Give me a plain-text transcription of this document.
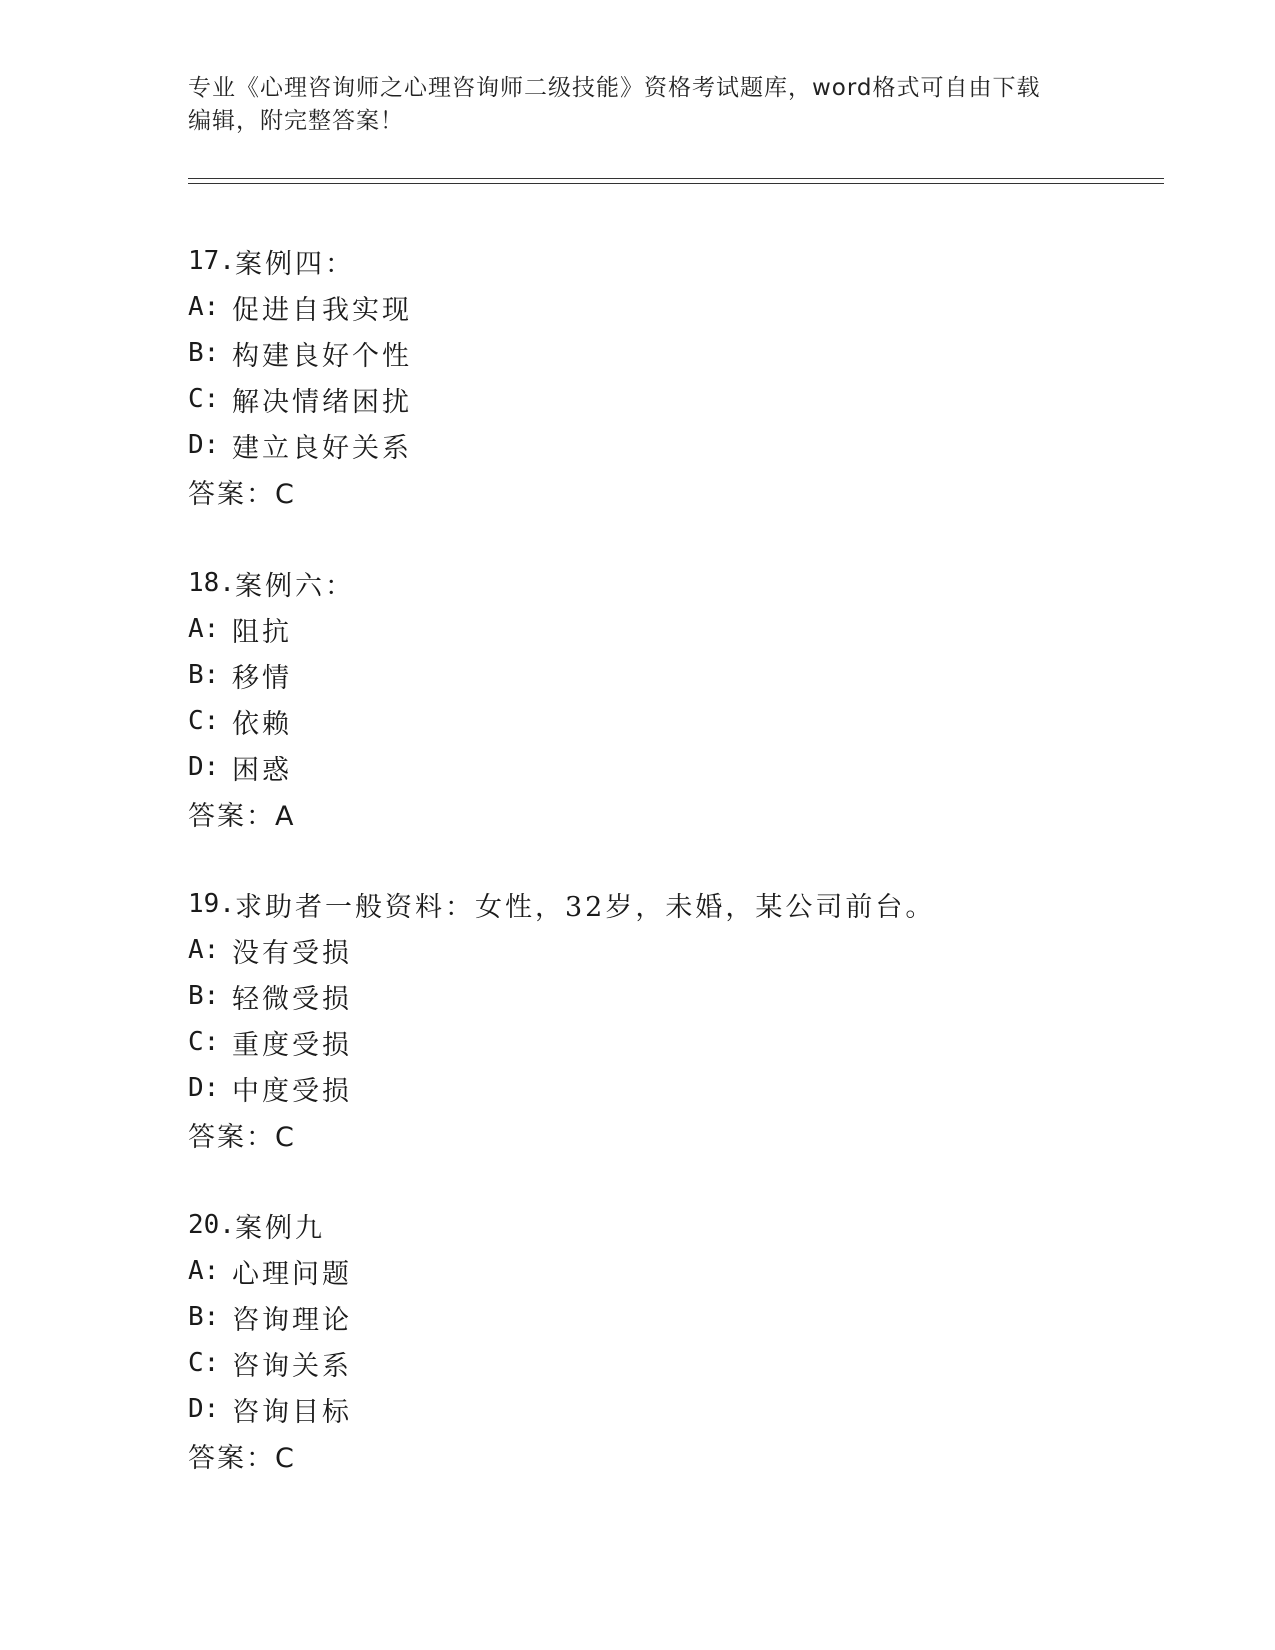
专业《心理咨询师之心理咨询师二级技能》资格考试题库，word格式可自由下载
编辑，附完整答案！
17. 案例四：
A: 促进自我实现
B: 构建良好个性
C: 解决情绪困扰
D: 建立良好关系
答案：C
18. 案例六：
A: 阻抗
B: 移情
C: 依赖
D: 困惑
答案：A
19. 求助者一般资料：女性，32岁，未婚，某公司前台。
A: 没有受损
B: 轻微受损
C: 重度受损
D: 中度受损
答案：C
20. 案例九
A: 心理问题
B: 咨询理论
C: 咨询关系
D: 咨询目标
答案：C
